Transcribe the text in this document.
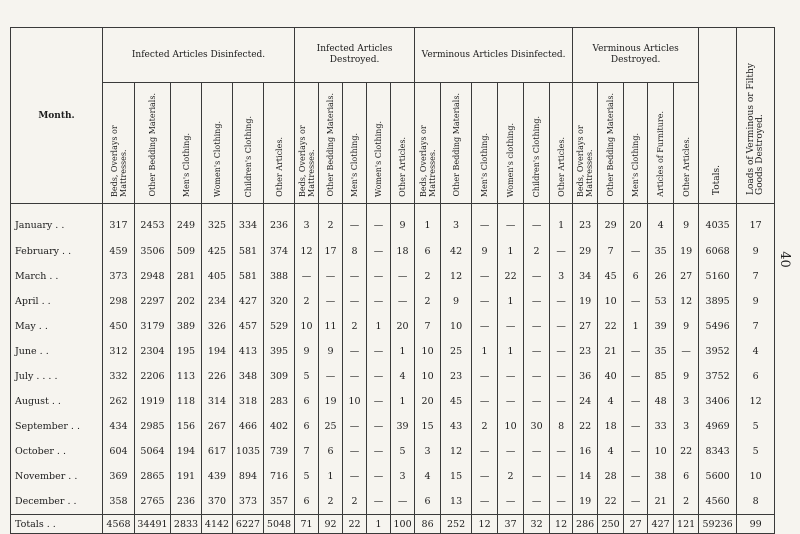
40
Month.	Infected Articles Disinfected.						Infected Articles Destroyed.					Verminous Articles Disinfected.						Verminous Articles Destroyed.					Totals.	Loads of Verminous or Filthy Goods Destroyed.
	Beds, Overlays or Mattresses.	Other Bedding Materials.	Men's Clothing.	Women's Clothing.	Children's Clothing.	Other Articles.	Beds, Overlays or Mattresses.	Other Bedding Materials.	Men's Clothing.	Women's Clothing.	Other Articles.	Beds, Overlays or Mattresses.	Other Bedding Materials.	Men's Clothing.	Women's clothing.	Children's Clothing.	Other Articles.	Beds, Overlays or Mattresses.	Other Bedding Materials.	Men's Clothing.	Articles of Furniture.	Other Articles.		
January . .	317	2453	249	325	334	236	3	2	—	—	9	1	3	—	—	—	1	23	29	20	4	9	4035	17
February . .	459	3506	509	425	581	374	12	17	8	—	18	6	42	9	1	2	—	29	7	—	35	19	6068	9
March . .	373	2948	281	405	581	388	—	—	—	—	—	2	12	—	22	—	3	34	45	6	26	27	5160	7
April . .	298	2297	202	234	427	320	2	—	—	—	—	2	9	—	1	—	—	19	10	—	53	12	3895	9
May . .	450	3179	389	326	457	529	10	11	2	1	20	7	10	—	—	—	—	27	22	1	39	9	5496	7
June . .	312	2304	195	194	413	395	9	9	—	—	1	10	25	1	1	—	—	23	21	—	35	—	3952	4
July . . . .	332	2206	113	226	348	309	5	—	—	—	4	10	23	—	—	—	—	36	40	—	85	9	3752	6
August . .	262	1919	118	314	318	283	6	19	10	—	1	20	45	—	—	—	—	24	4	—	48	3	3406	12
September . .	434	2985	156	267	466	402	6	25	—	—	39	15	43	2	10	30	8	22	18	—	33	3	4969	5
October . .	604	5064	194	617	1035	739	7	6	—	—	5	3	12	—	—	—	—	16	4	—	10	22	8343	5
November . .	369	2865	191	439	894	716	5	1	—	—	3	4	15	—	2	—	—	14	28	—	38	6	5600	10
December . .	358	2765	236	370	373	357	6	2	2	—	—	6	13	—	—	—	—	19	22	—	21	2	4560	8
Totals . .	4568	34491	2833	4142	6227	5048	71	92	22	1	100	86	252	12	37	32	12	286	250	27	427	121	59236	99
